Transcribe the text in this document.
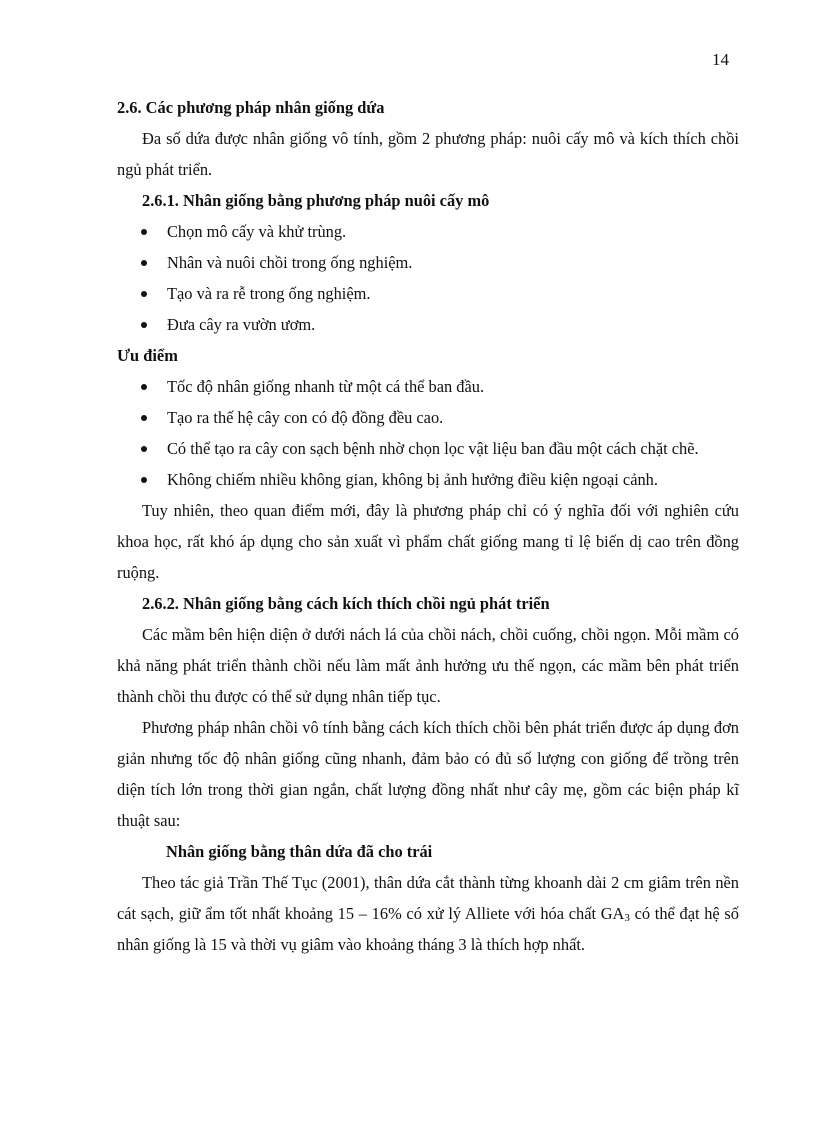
14
2.6. Các phương pháp nhân giống dứa
Đa số dứa được nhân giống vô tính, gồm 2 phương pháp: nuôi cấy mô và kích thích chồi ngủ phát triển.
2.6.1. Nhân giống bằng phương pháp nuôi cấy mô
Chọn mô cấy và khử trùng.
Nhân và nuôi chồi trong ống nghiệm.
Tạo và ra rễ trong ống nghiệm.
Đưa cây ra vườn ươm.
Ưu điểm
Tốc độ nhân giống nhanh từ một cá thể ban đầu.
Tạo ra thế hệ cây con có độ đồng đều cao.
Có thể tạo ra cây con sạch bệnh nhờ chọn lọc vật liệu ban đầu một cách chặt chẽ.
Không chiếm nhiều không gian, không bị ảnh hưởng điều kiện ngoại cảnh.
Tuy nhiên, theo quan điểm mới, đây là phương pháp chỉ có ý nghĩa đối với nghiên cứu khoa học, rất khó áp dụng cho sản xuất vì phẩm chất giống mang tỉ lệ biến dị cao trên đồng ruộng.
2.6.2. Nhân giống bằng cách kích thích chồi ngủ phát triển
Các mầm bên hiện diện ở dưới nách lá của chồi nách, chồi cuống, chồi ngọn. Mỗi mầm có khả năng phát triển thành chồi nếu làm mất ảnh hưởng ưu thế ngọn, các mầm bên phát triển thành chồi thu được có thể sử dụng nhân tiếp tục.
Phương pháp nhân chồi vô tính bằng cách kích thích chồi bên phát triển được áp dụng đơn giản nhưng tốc độ nhân giống cũng nhanh, đảm bảo có đủ số lượng con giống để trồng trên diện tích lớn trong thời gian ngắn, chất lượng đồng nhất như cây mẹ, gồm các biện pháp kĩ thuật sau:
Nhân giống bằng thân dứa đã cho trái
Theo tác giả Trần Thế Tục (2001), thân dứa cắt thành từng khoanh dài 2 cm giâm trên nền cát sạch, giữ ẩm tốt nhất khoảng 15 – 16% có xử lý Alliete với hóa chất $GA_3$ có thể đạt hệ số nhân giống là 15 và thời vụ giâm vào khoảng tháng 3 là thích hợp nhất.
